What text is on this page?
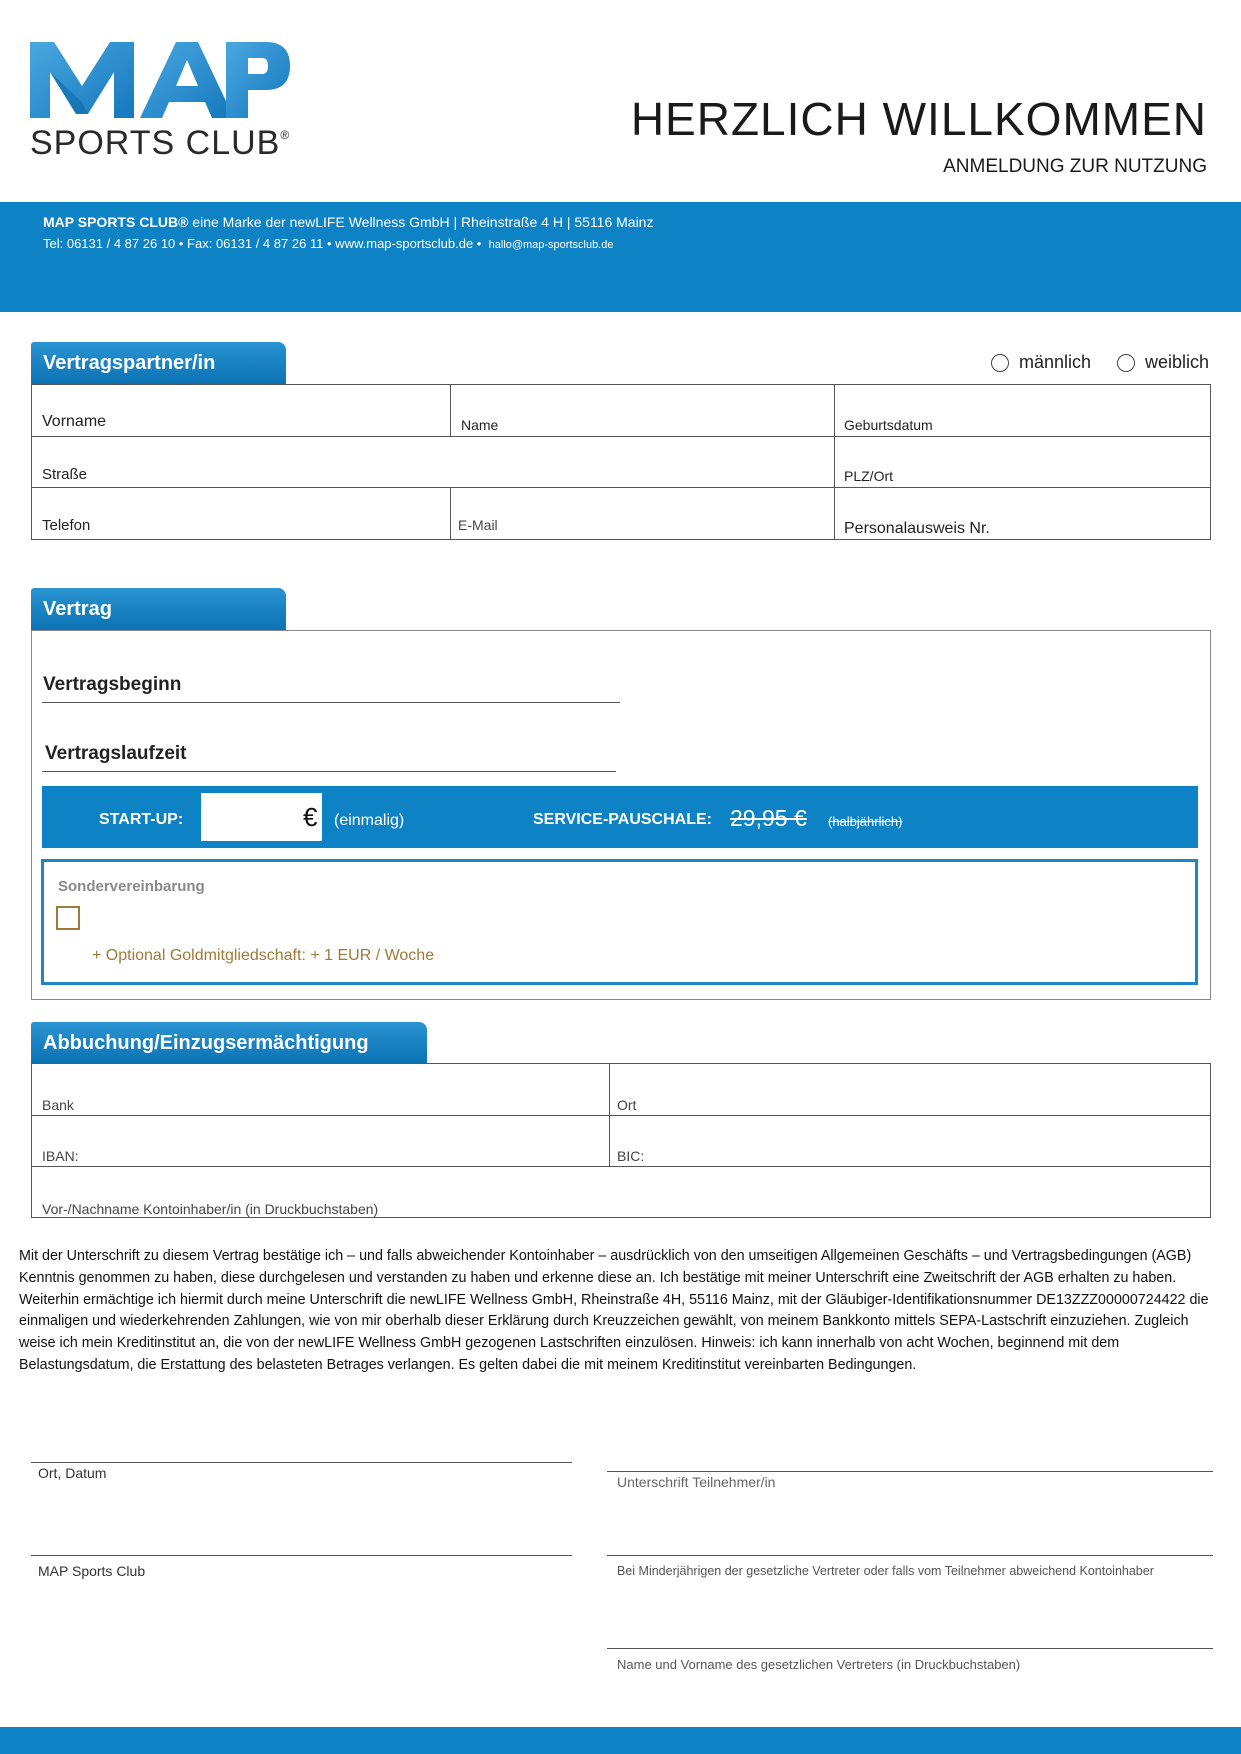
SPORTS CLUB®	HERZLICH WILLKOMMEN
ANMELDUNG ZUR NUTZUNG
MAP SPORTS CLUB® eine Marke der newLIFE Wellness GmbH | Rheinstraße 4 H | 55116 Mainz
Tel: 06131 / 4 87 26 10 • Fax: 06131 / 4 87 26 11 • www.map-sportsclub.de • hallo@map-sportsclub.de
Vertragspartner/in	männlich	weiblich
Vorname	Name	Geburtsdatum
Straße	PLZ/Ort
Telefon	E-Mail	Personalausweis Nr.
Vertrag
Vertragsbeginn
Vertragslaufzeit
START-UP:	€ (einmalig)	SERVICE-PAUSCHALE: 29,95 € (halbjährlich)
Sondervereinbarung
+ Optional Goldmitgliedschaft: + 1 EUR / Woche
Abbuchung/Einzugsermächtigung
Bank	Ort
IBAN:	BIC:
Vor-/Nachname Kontoinhaber/in (in Druckbuchstaben)
Mit der Unterschrift zu diesem Vertrag bestätige ich – und falls abweichender Kontoinhaber – ausdrücklich von den umseitigen Allgemeinen Geschäfts – und Vertragsbedingungen (AGB) Kenntnis genommen zu haben, diese durchgelesen und verstanden zu haben und erkenne diese an. Ich bestätige mit meiner Unterschrift eine Zweitschrift der AGB erhalten zu haben. Weiterhin ermächtige ich hiermit durch meine Unterschrift die newLIFE Wellness GmbH, Rheinstraße 4H, 55116 Mainz, mit der Gläubiger-Identifikationsnummer DE13ZZZ00000724422 die einmaligen und wiederkehrenden Zahlungen, wie von mir oberhalb dieser Erklärung durch Kreuzzeichen gewählt, von meinem Bankkonto mittels SEPA-Lastschrift einzuziehen. Zugleich weise ich mein Kreditinstitut an, die von der newLIFE Wellness GmbH gezogenen Lastschriften einzulösen. Hinweis: ich kann innerhalb von acht Wochen, beginnend mit dem Belastungsdatum, die Erstattung des belasteten Betrages verlangen. Es gelten dabei die mit meinem Kreditinstitut vereinbarten Bedingungen.
Ort, Datum
Unterschrift Teilnehmer/in
MAP Sports Club	Bei Minderjährigen der gesetzliche Vertreter oder falls vom Teilnehmer abweichend Kontoinhaber
Name und Vorname des gesetzlichen Vertreters (in Druckbuchstaben)
